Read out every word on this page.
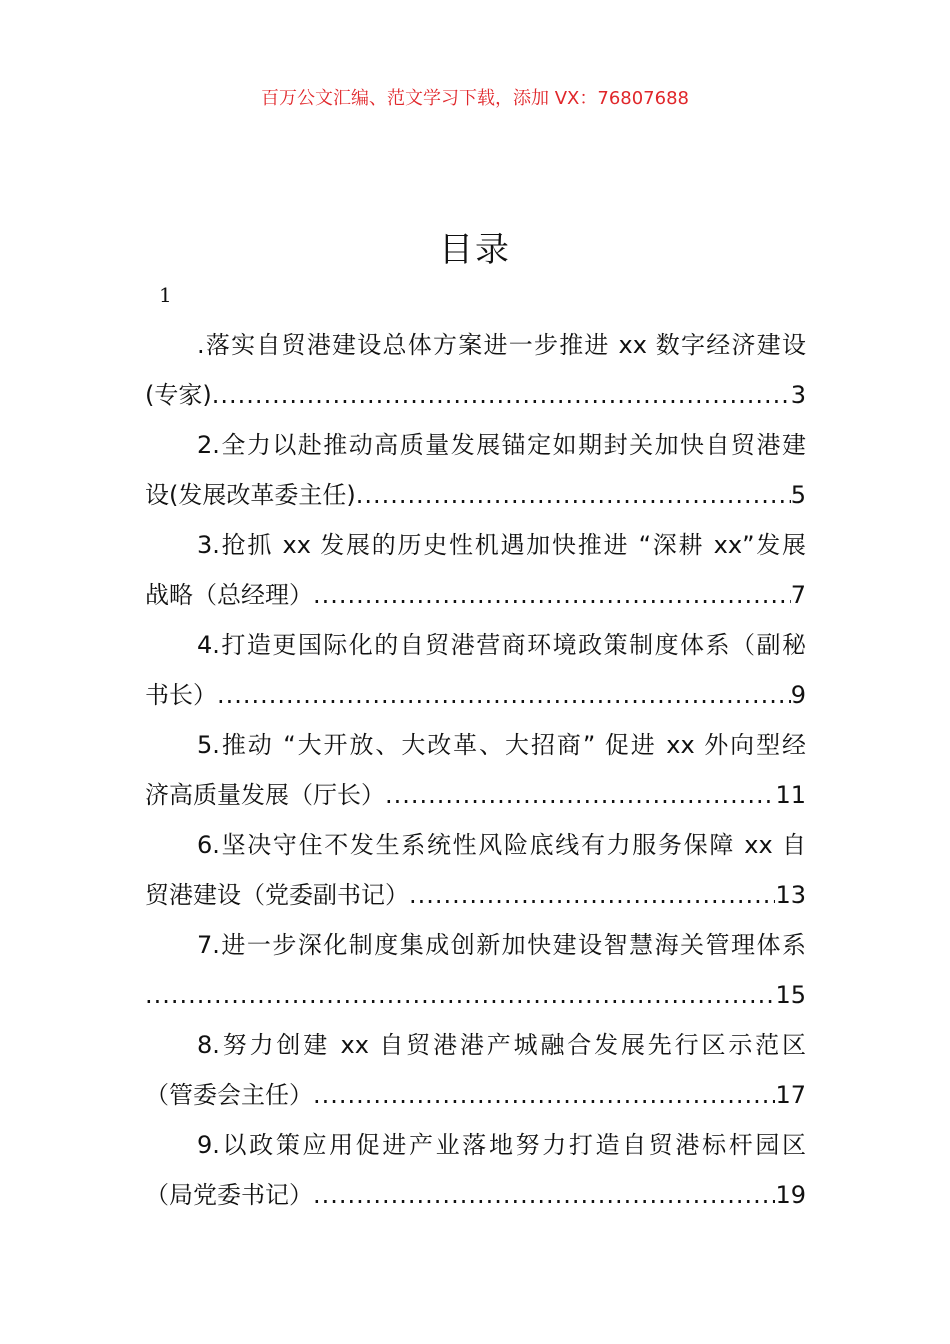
百万公文汇编、范文学习下载，添加 VX：76807688
目录
1
.落实自贸港建设总体方案进一步推进 xx 数字经济建设
(专家) .....	3
2.全力以赴推动高质量发展锚定如期封关加快自贸港建
设(发展改革委主任) .....	5
3.抢抓 xx 发展的历史性机遇加快推进 “深耕 xx”发展
战略（总经理） .....	7
4.打造更国际化的自贸港营商环境政策制度体系（副秘
书长） .....	9
5.推动 “大开放、大改革、大招商” 促进 xx 外向型经
济高质量发展（厅长） .....	11
6.坚决守住不发生系统性风险底线有力服务保障 xx 自
贸港建设（党委副书记） .....	13
7.进一步深化制度集成创新加快建设智慧海关管理体系
.....
15
8.努力创建 xx 自贸港港产城融合发展先行区示范区
（管委会主任） .....	17
9.以政策应用促进产业落地努力打造自贸港标杆园区
（局党委书记） .....	19
